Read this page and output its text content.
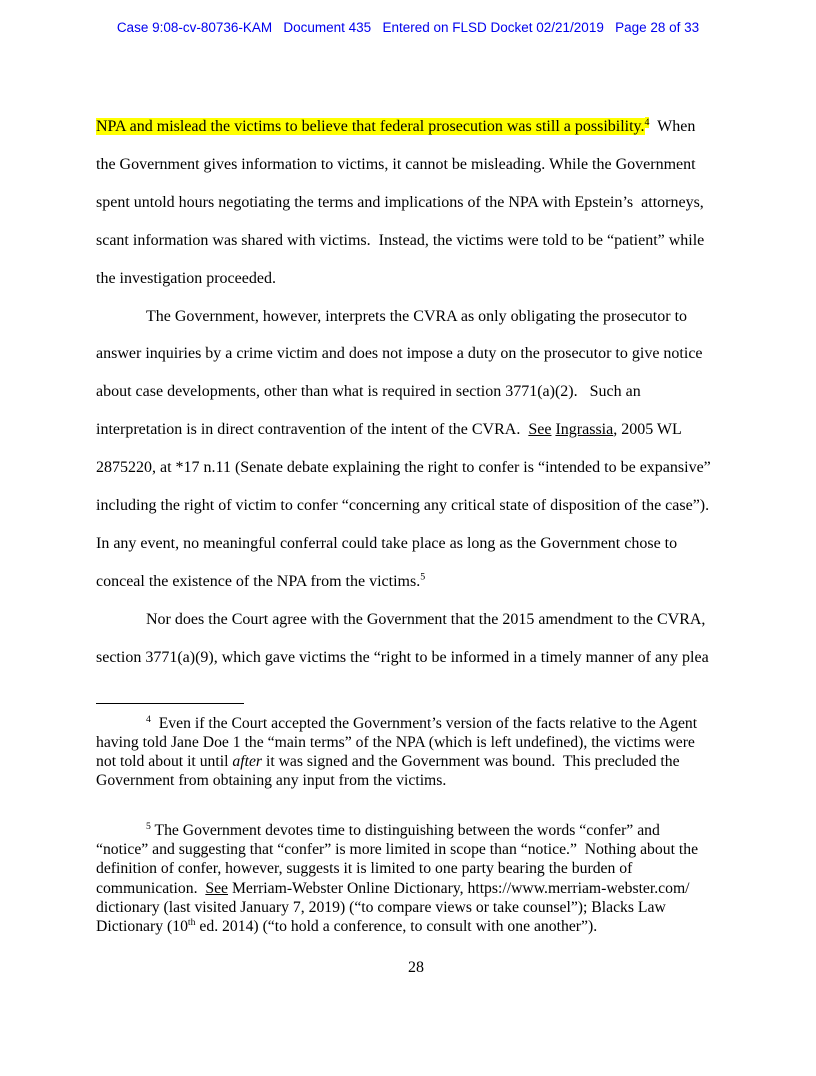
Case 9:08-cv-80736-KAM   Document 435   Entered on FLSD Docket 02/21/2019   Page 28 of 33
NPA and mislead the victims to believe that federal prosecution was still a possibility.$^4$  When
the Government gives information to victims, it cannot be misleading. While the Government
spent untold hours negotiating the terms and implications of the NPA with Epstein’s  attorneys,
scant information was shared with victims.  Instead, the victims were told to be “patient” while
the investigation proceeded.
The Government, however, interprets the CVRA as only obligating the prosecutor to
answer inquiries by a crime victim and does not impose a duty on the prosecutor to give notice
about case developments, other than what is required in section 3771(a)(2).   Such an
interpretation is in direct contravention of the intent of the CVRA.  See Ingrassia, 2005 WL
2875220, at *17 n.11 (Senate debate explaining the right to confer is “intended to be expansive”
including the right of victim to confer “concerning any critical state of disposition of the case”).
In any event, no meaningful conferral could take place as long as the Government chose to
conceal the existence of the NPA from the victims.$^5$
Nor does the Court agree with the Government that the 2015 amendment to the CVRA,
section 3771(a)(9), which gave victims the “right to be informed in a timely manner of any plea
$^4$  Even if the Court accepted the Government’s version of the facts relative to the Agent
having told Jane Doe 1 the “main terms” of the NPA (which is left undefined), the victims were
not told about it until after it was signed and the Government was bound.  This precluded the
Government from obtaining any input from the victims.
$^5$ The Government devotes time to distinguishing between the words “confer” and
“notice” and suggesting that “confer” is more limited in scope than “notice.”  Nothing about the
definition of confer, however, suggests it is limited to one party bearing the burden of
communication.  See Merriam-Webster Online Dictionary, https://www.merriam-webster.com/
dictionary (last visited January 7, 2019) (“to compare views or take counsel”); Blacks Law
Dictionary (10th ed. 2014) (“to hold a conference, to consult with one another”).
28
